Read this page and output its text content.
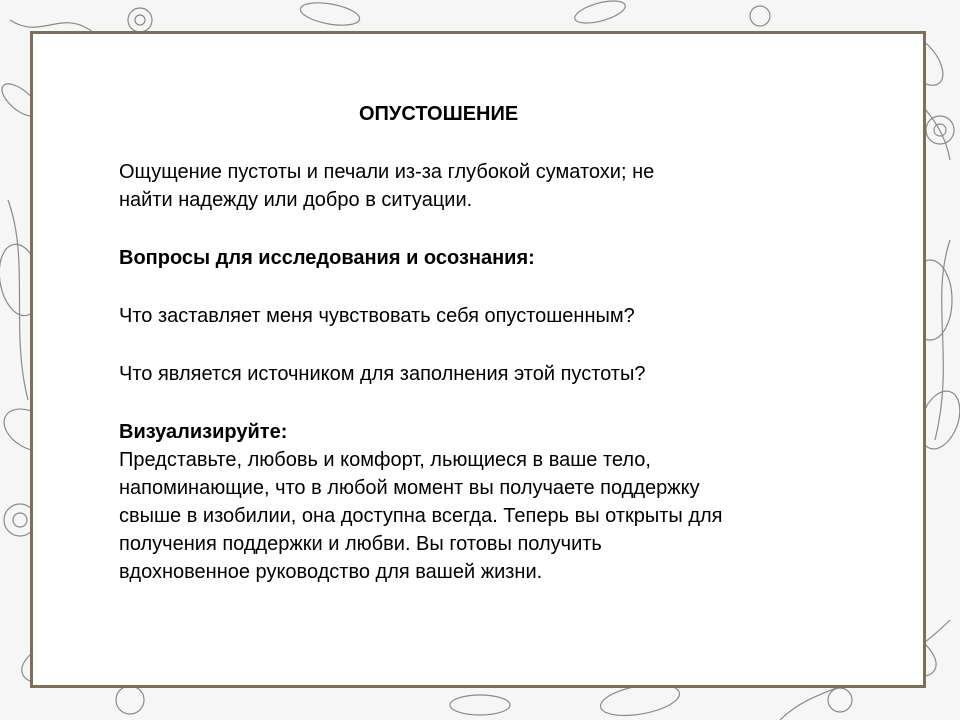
ОПУСТОШЕНИЕ
Ощущение пустоты и печали из-за глубокой суматохи; не
найти надежду или добро в ситуации.
Вопросы для исследования и осознания:
Что заставляет меня чувствовать себя опустошенным?
Что является источником для заполнения этой пустоты?
Визуализируйте:
Представьте, любовь и комфорт, льющиеся в ваше тело,
напоминающие, что в любой момент вы получаете поддержку
свыше в изобилии, она доступна всегда. Теперь вы открыты для
получения поддержки и любви. Вы готовы получить
вдохновенное руководство для вашей жизни.
